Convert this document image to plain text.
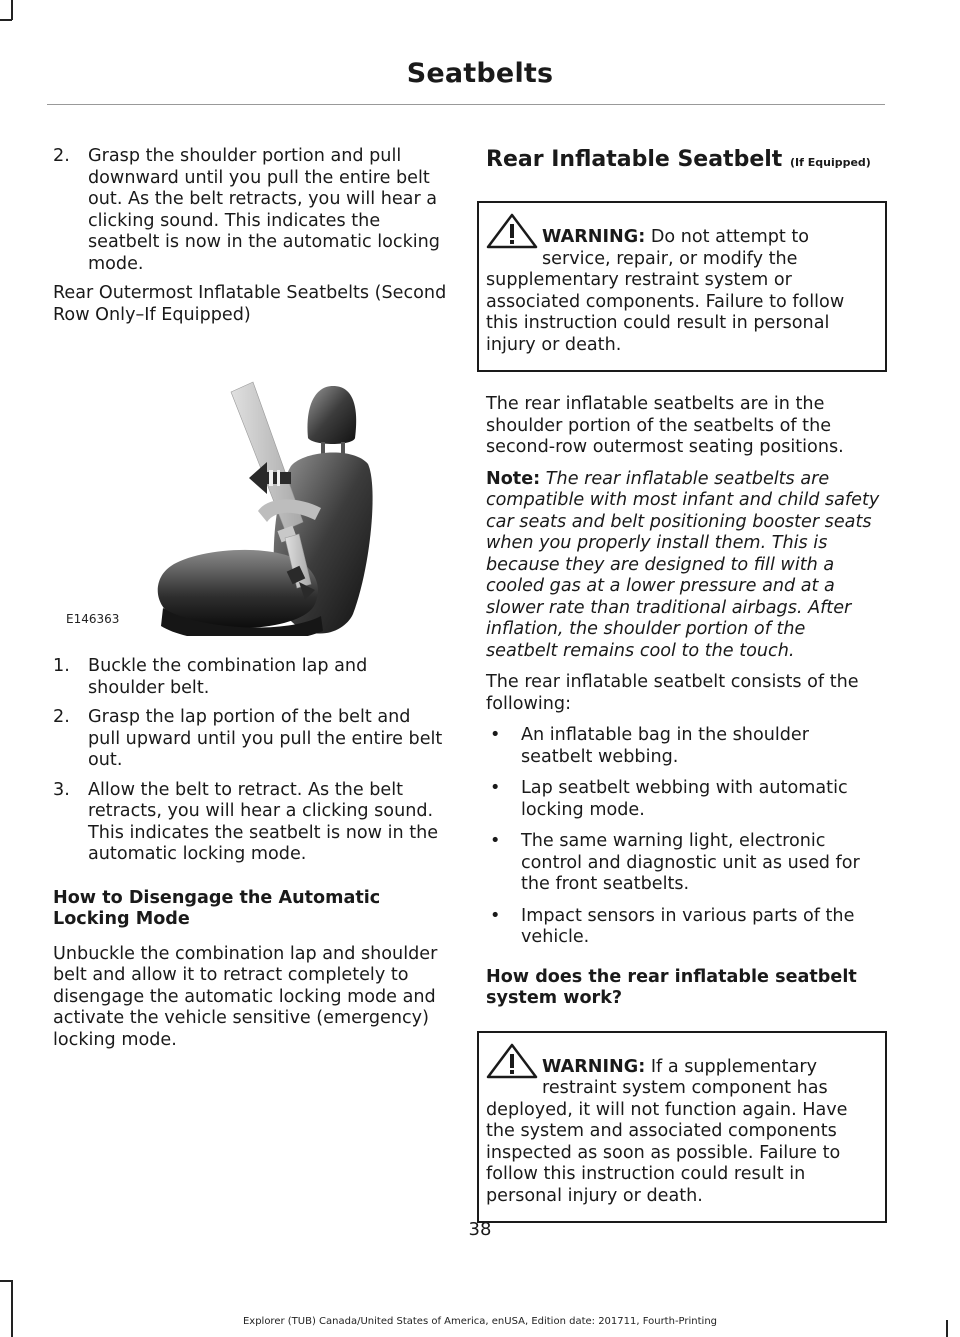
Seatbelts
2. Grasp the shoulder portion and pull downward until you pull the entire belt out. As the belt retracts, you will hear a clicking sound. This indicates the seatbelt is now in the automatic locking mode.

Rear Outermost Inflatable Seatbelts (Second Row Only–If Equipped)

E146363
1. Buckle the combination lap and shoulder belt.
2. Grasp the lap portion of the belt and pull upward until you pull the entire belt out.
3. Allow the belt to retract. As the belt retracts, you will hear a clicking sound. This indicates the seatbelt is now in the automatic locking mode.
How to Disengage the Automatic Locking Mode

Unbuckle the combination lap and shoulder belt and allow it to retract completely to disengage the automatic locking mode and activate the vehicle sensitive (emergency) locking mode.

Rear Inflatable Seatbelt (If Equipped)

WARNING: Do not attempt to service, repair, or modify the supplementary restraint system or associated components. Failure to follow this instruction could result in personal injury or death.

The rear inflatable seatbelts are in the shoulder portion of the seatbelts of the second-row outermost seating positions.

Note: The rear inflatable seatbelts are compatible with most infant and child safety car seats and belt positioning booster seats when you properly install them. This is because they are designed to fill with a cooled gas at a lower pressure and at a slower rate than traditional airbags. After inflation, the shoulder portion of the seatbelt remains cool to the touch.

The rear inflatable seatbelt consists of the following:

• An inflatable bag in the shoulder seatbelt webbing.
• Lap seatbelt webbing with automatic locking mode.
• The same warning light, electronic control and diagnostic unit as used for the front seatbelts.
• Impact sensors in various parts of the vehicle.
How does the rear inflatable seatbelt system work?

WARNING: If a supplementary restraint system component has deployed, it will not function again. Have the system and associated components inspected as soon as possible. Failure to follow this instruction could result in personal injury or death.

38
Explorer (TUB) Canada/United States of America, enUSA, Edition date: 201711, Fourth-Printing
